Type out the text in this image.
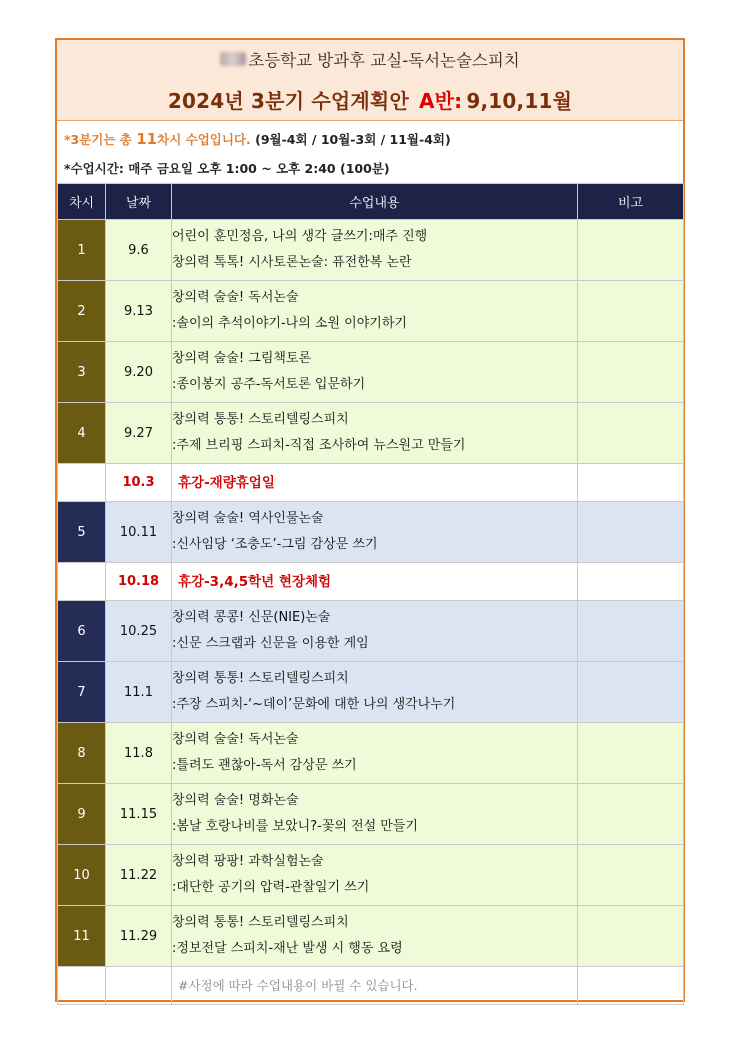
초등학교 방과후 교실-독서논술스피치
2024년 3분기 수업계획안 A반: 9,10,11월
*3분기는 총 11차시 수업입니다. (9월-4회 / 10월-3회 / 11월-4회)
*수업시간: 매주 금요일 오후 1:00 ~ 오후 2:40 (100분)
차시	날짜	수업내용	비고
1	9.6	어린이 훈민정음, 나의 생각 글쓰기:매주 진행
창의력 톡톡! 시사토론논술: 퓨전한복 논란	

2	9.13	창의력 술술! 독서논술
:솔이의 추석이야기-나의 소원 이야기하기	

3	9.20	창의력 술술! 그림책토론
:종이봉지 공주-독서토론 입문하기	

4	9.27	창의력 통통! 스토리텔링스피치
:주제 브리핑 스피치-직접 조사하여 뉴스원고 만들기	

	10.3	휴강-재량휴업일	
5	10.11	창의력 술술! 역사인물논술
:신사임당 ‘조충도’-그림 감상문 쓰기	

	10.18	휴강-3,4,5학년 현장체험	
6	10.25	창의력 콩콩! 신문(NIE)논술
:신문 스크랩과 신문을 이용한 게임	

7	11.1	창의력 통통! 스토리텔링스피치
:주장 스피치-‘~데이’문화에 대한 나의 생각나누기	

8	11.8	창의력 술술! 독서논술
:틀려도 괜찮아-독서 감상문 쓰기	

9	11.15	창의력 술술! 명화논술
:봄날 호랑나비를 보았니?-꽃의 전설 만들기	

10	11.22	창의력 팡팡! 과학실험논술
:대단한 공기의 압력-관찰일기 쓰기	

11	11.29	창의력 통통! 스토리텔링스피치
:정보전달 스피치-재난 발생 시 행동 요령	

		#사정에 따라 수업내용이 바뀔 수 있습니다.	
